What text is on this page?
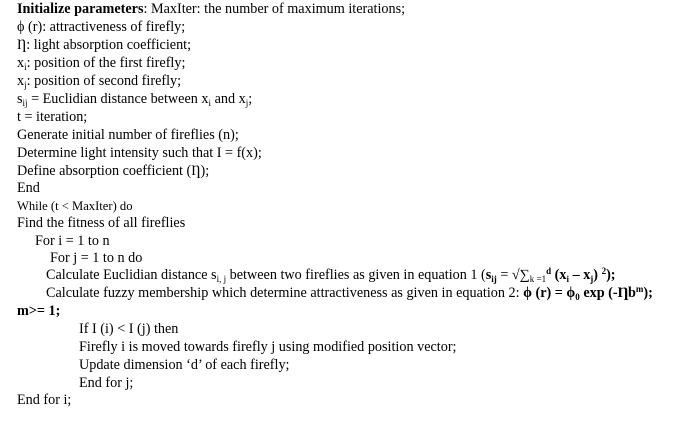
Initialize parameters: MaxIter: the number of maximum iterations;
ϕ (r): attractiveness of firefly;
Ƞ: light absorption coefficient;
$x_i$: position of the first firefly;
$x_j$: position of second firefly;
$s_{ij}$ = Euclidian distance between $x_i$ and $x_j$;
t = iteration;
Generate initial number of fireflies (n);
Determine light intensity such that I = f(x);
Define absorption coefficient (Ƞ);
End
While (t < MaxIter) do
Find the fitness of all fireflies
For i = 1 to n
For j = 1 to n do
Calculate Euclidian distance $s_{i, j}$ between two fireflies as given in equation 1 ($s_{ij} = √\sum_{k =1}^d$ $(x_i - x_j)$ $^2$);
Calculate fuzzy membership which determine attractiveness as given in equation 2: ϕ $(r) = \phi_0$ $\exp (-Ƞb^m)$;
m>= 1;
If I (i) < I (j) then
Firefly i is moved towards firefly j using modified position vector;
Update dimension ‘d’ of each firefly;
End for j;
End for i;
